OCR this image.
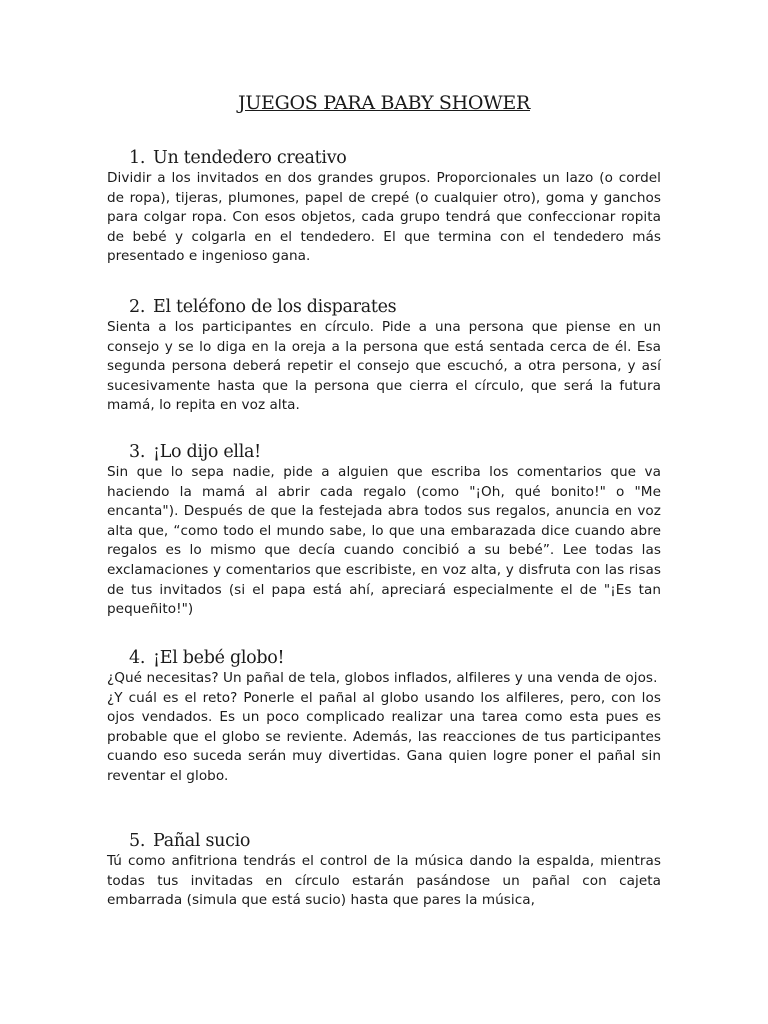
JUEGOS PARA BABY SHOWER
1. Un tendedero creativo

Dividir a los invitados en dos grandes grupos. Proporcionales un lazo (o cordel de ropa), tijeras, plumones, papel de crepé (o cualquier otro), goma y ganchos para colgar ropa. Con esos objetos, cada grupo tendrá que confeccionar ropita de bebé y colgarla en el tendedero. El que termina con el tendedero más presentado e ingenioso gana.

2. El teléfono de los disparates

Sienta a los participantes en círculo. Pide a una persona que piense en un consejo y se lo diga en la oreja a la persona que está sentada cerca de él. Esa segunda persona deberá repetir el consejo que escuchó, a otra persona, y así sucesivamente hasta que la persona que cierra el círculo, que será la futura mamá, lo repita en voz alta.

3. ¡Lo dijo ella!

Sin que lo sepa nadie, pide a alguien que escriba los comentarios que va haciendo la mamá al abrir cada regalo (como "¡Oh, qué bonito!" o "Me encanta"). Después de que la festejada abra todos sus regalos, anuncia en voz alta que, “como todo el mundo sabe, lo que una embarazada dice cuando abre regalos es lo mismo que decía cuando concibió a su bebé”. Lee todas las exclamaciones y comentarios que escribiste, en voz alta, y disfruta con las risas de tus invitados (si el papa está ahí, apreciará especialmente el de "¡Es tan pequeñito!")

4. ¡El bebé globo!

¿Qué necesitas? Un pañal de tela, globos inflados, alfileres y una venda de ojos.

¿Y cuál es el reto? Ponerle el pañal al globo usando los alfileres, pero, con los ojos vendados. Es un poco complicado realizar una tarea como esta pues es probable que el globo se reviente. Además, las reacciones de tus participantes cuando eso suceda serán muy divertidas. Gana quien logre poner el pañal sin reventar el globo.

5. Pañal sucio

Tú como anfitriona tendrás el control de la música dando la espalda, mientras todas tus invitadas en círculo estarán pasándose un pañal con cajeta embarrada (simula que está sucio) hasta que pares la música,
